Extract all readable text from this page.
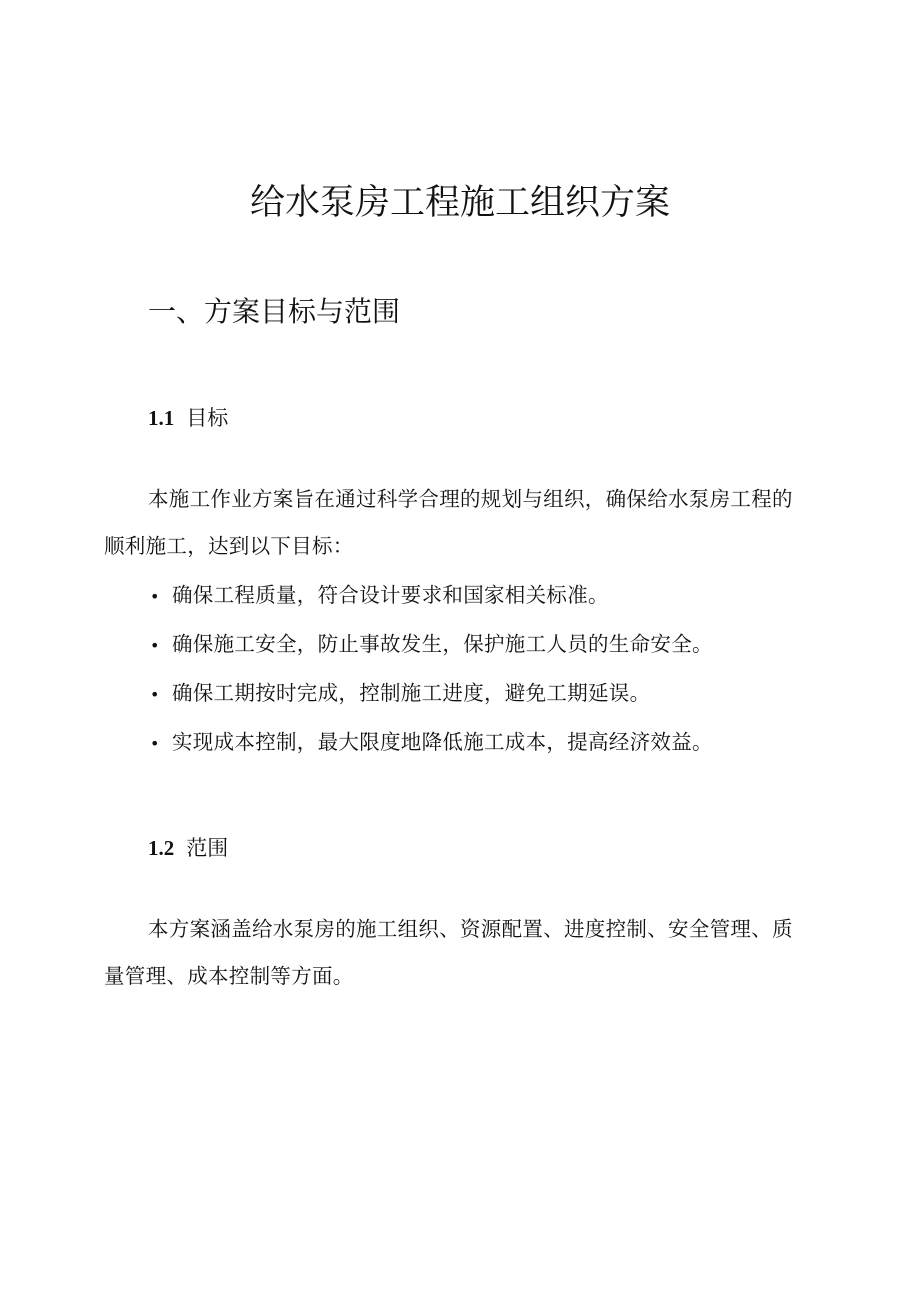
给水泵房工程施工组织方案
一、方案目标与范围
1.1 目标

本施工作业方案旨在通过科学合理的规划与组织，确保给水泵房工程的顺利施工，达到以下目标：

• 确保工程质量，符合设计要求和国家相关标准。
• 确保施工安全，防止事故发生，保护施工人员的生命安全。
• 确保工期按时完成，控制施工进度，避免工期延误。
• 实现成本控制，最大限度地降低施工成本，提高经济效益。
1.2 范围

本方案涵盖给水泵房的施工组织、资源配置、进度控制、安全管理、质量管理、成本控制等方面。
